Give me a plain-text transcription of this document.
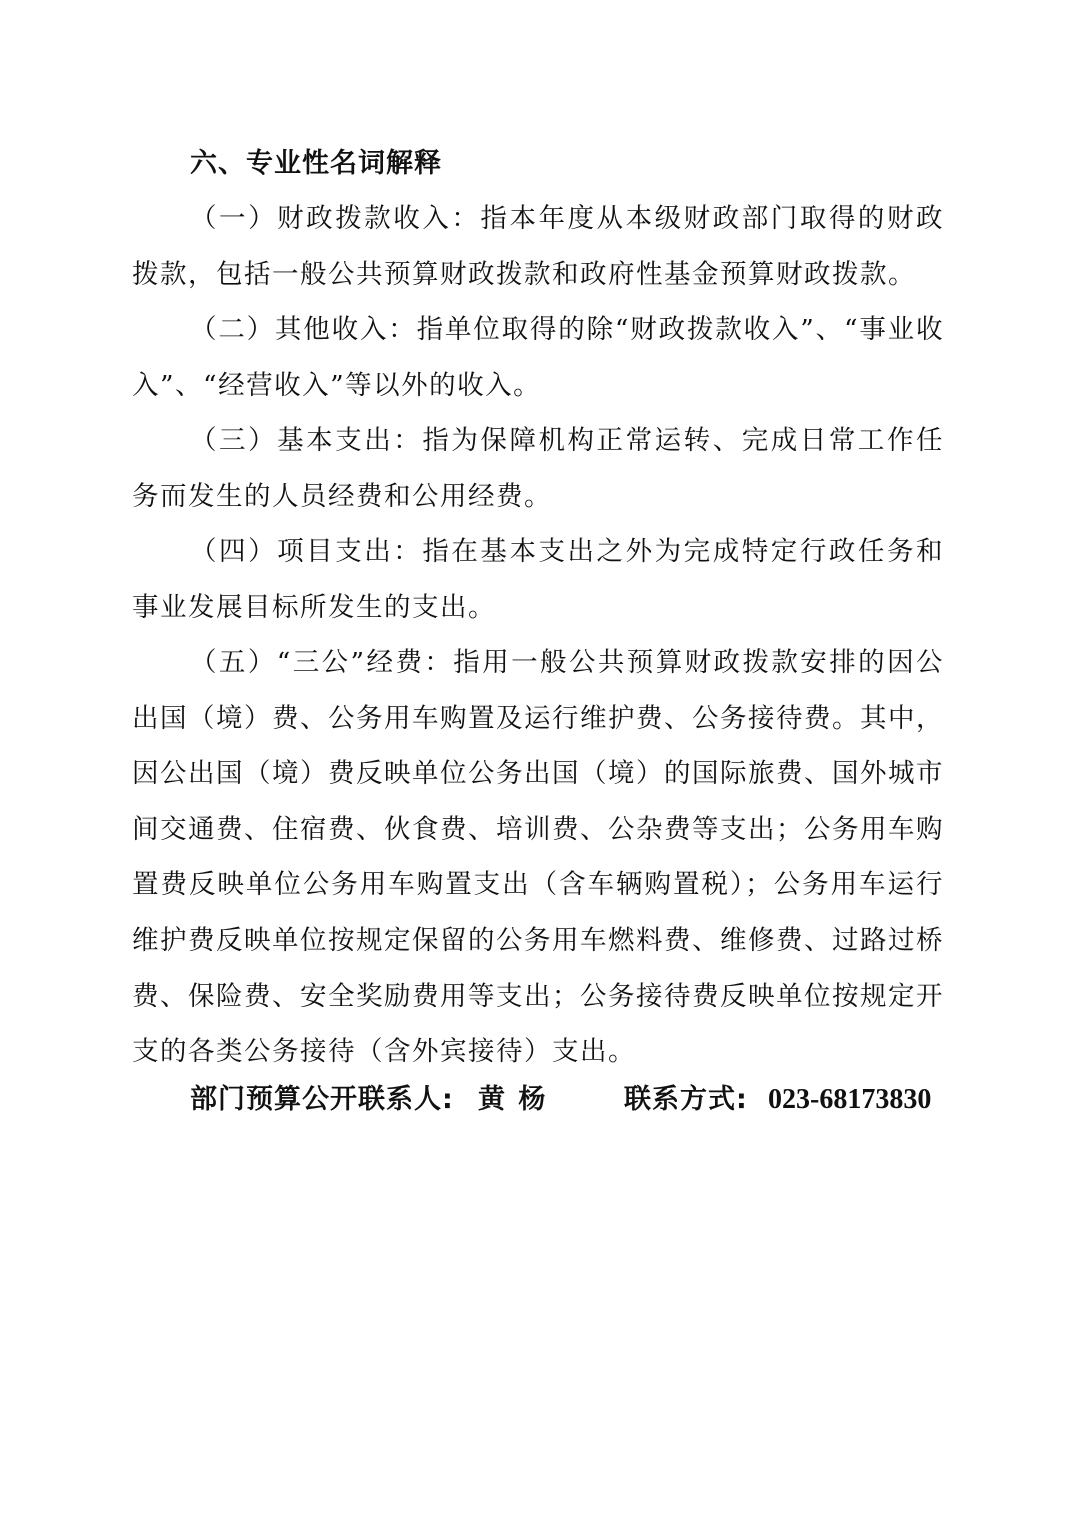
六、专业性名词解释

（一）财政拨款收入：指本年度从本级财政部门取得的财政拨款，包括一般公共预算财政拨款和政府性基金预算财政拨款。

（二）其他收入：指单位取得的除“财政拨款收入”、“事业收入”、“经营收入”等以外的收入。

（三）基本支出：指为保障机构正常运转、完成日常工作任务而发生的人员经费和公用经费。

（四）项目支出：指在基本支出之外为完成特定行政任务和事业发展目标所发生的支出。

（五）“三公”经费：指用一般公共预算财政拨款安排的因公出国（境）费、公务用车购置及运行维护费、公务接待费。其中，因公出国（境）费反映单位公务出国（境）的国际旅费、国外城市间交通费、住宿费、伙食费、培训费、公杂费等支出；公务用车购置费反映单位公务用车购置支出（含车辆购置税）；公务用车运行维护费反映单位按规定保留的公务用车燃料费、维修费、过路过桥费、保险费、安全奖励费用等支出；公务接待费反映单位按规定开支的各类公务接待（含外宾接待）支出。

部门预算公开联系人: 黄 杨	联系方式: 023-68173830
